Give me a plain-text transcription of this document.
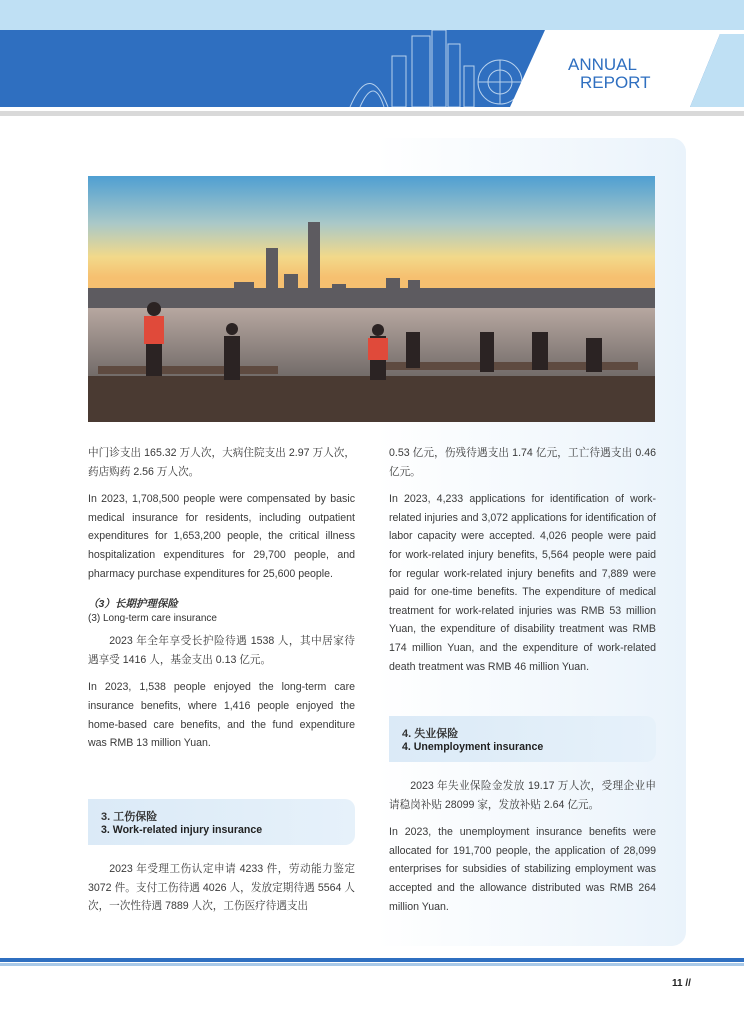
ANNUAL
REPORT

中门诊支出 165.32 万人次，大病住院支出 2.97 万人次，药店购药 2.56 万人次。

In 2023, 1,708,500 people were compensated by basic medical insurance for residents, including outpatient expenditures for 1,653,200 people, the critical illness hospitalization expenditures for 29,700 people, and pharmacy purchase expenditures for 25,600 people.

（3）长期护理保险
(3) Long-term care insurance

2023 年全年享受长护险待遇 1538 人，其中居家待遇享受 1416 人，基金支出 0.13 亿元。

In 2023, 1,538 people enjoyed the long-term care insurance benefits, where 1,416 people enjoyed the home-based care benefits, and the fund expenditure was RMB 13 million Yuan.

3. 工伤保险
3. Work-related injury insurance

2023 年受理工伤认定申请 4233 件，劳动能力鉴定 3072 件。支付工伤待遇 4026 人，发放定期待遇 5564 人次，一次性待遇 7889 人次，工伤医疗待遇支出

0.53 亿元，伤残待遇支出 1.74 亿元，工亡待遇支出 0.46 亿元。

In 2023, 4,233 applications for identification of work-related injuries and 3,072 applications for identification of labor capacity were accepted. 4,026 people were paid for work-related injury benefits, 5,564 people were paid for regular work-related injury benefits and 7,889 were paid for one-time benefits. The expenditure of medical treatment for work-related injuries was RMB 53 million Yuan, the expenditure of disability treatment was RMB 174 million Yuan, and the expenditure of work-related death treatment was RMB 46 million Yuan.

4. 失业保险
4. Unemployment insurance

2023 年失业保险金发放 19.17 万人次，受理企业申请稳岗补贴 28099 家，发放补贴 2.64 亿元。

In 2023, the unemployment insurance benefits were allocated for 191,700 people, the application of 28,099 enterprises for subsidies of stabilizing employment was accepted and the allowance distributed was RMB 264 million Yuan.

11 //
